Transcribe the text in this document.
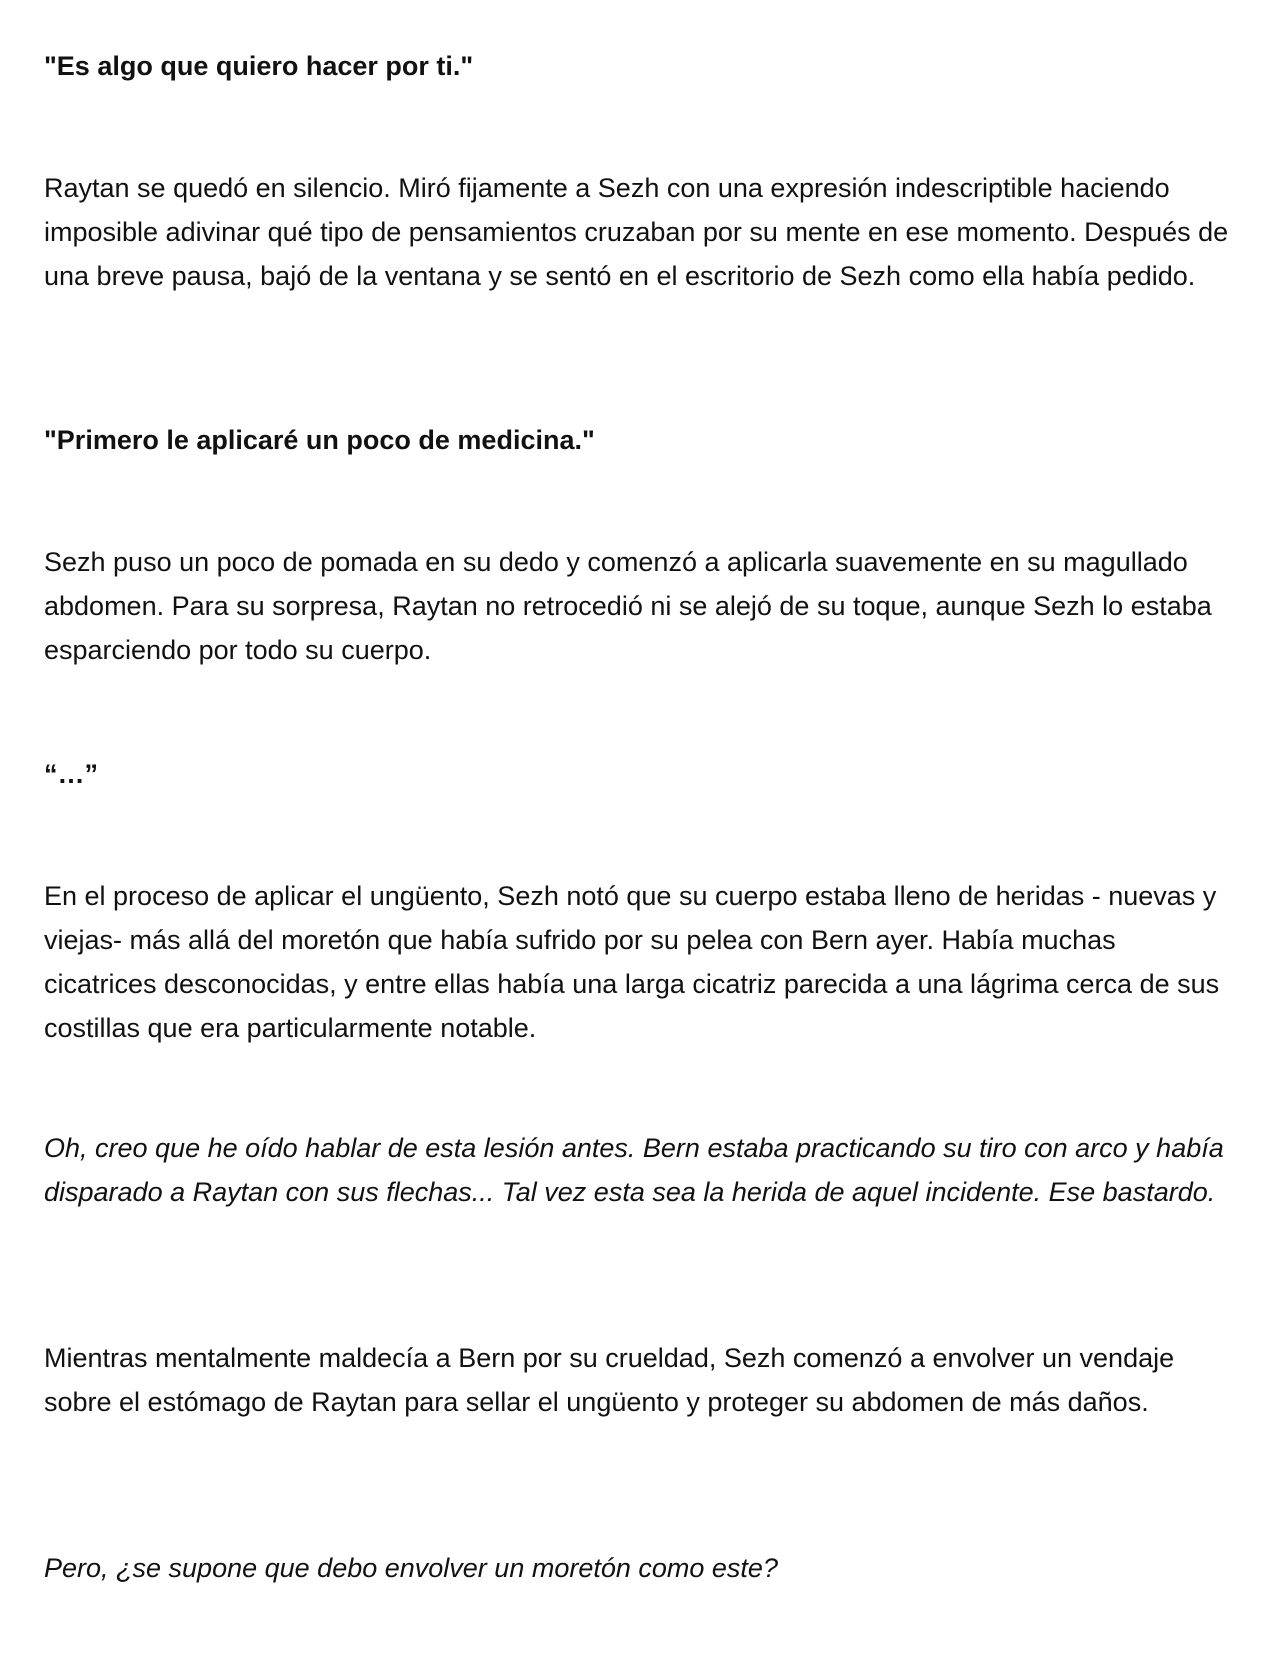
"Es algo que quiero hacer por ti."

Raytan se quedó en silencio. Miró fijamente a Sezh con una expresión indescriptible haciendo imposible adivinar qué tipo de pensamientos cruzaban por su mente en ese momento. Después de una breve pausa, bajó de la ventana y se sentó en el escritorio de Sezh como ella había pedido.

"Primero le aplicaré un poco de medicina."

Sezh puso un poco de pomada en su dedo y comenzó a aplicarla suavemente en su magullado abdomen. Para su sorpresa, Raytan no retrocedió ni se alejó de su toque, aunque Sezh lo estaba esparciendo por todo su cuerpo.

“…”

En el proceso de aplicar el ungüento, Sezh notó que su cuerpo estaba lleno de heridas - nuevas y viejas- más allá del moretón que había sufrido por su pelea con Bern ayer. Había muchas cicatrices desconocidas, y entre ellas había una larga cicatriz parecida a una lágrima cerca de sus costillas que era particularmente notable.

Oh, creo que he oído hablar de esta lesión antes. Bern estaba practicando su tiro con arco y había disparado a Raytan con sus flechas... Tal vez esta sea la herida de aquel incidente. Ese bastardo.

Mientras mentalmente maldecía a Bern por su crueldad, Sezh comenzó a envolver un vendaje sobre el estómago de Raytan para sellar el ungüento y proteger su abdomen de más daños.

Pero, ¿se supone que debo envolver un moretón como este?
